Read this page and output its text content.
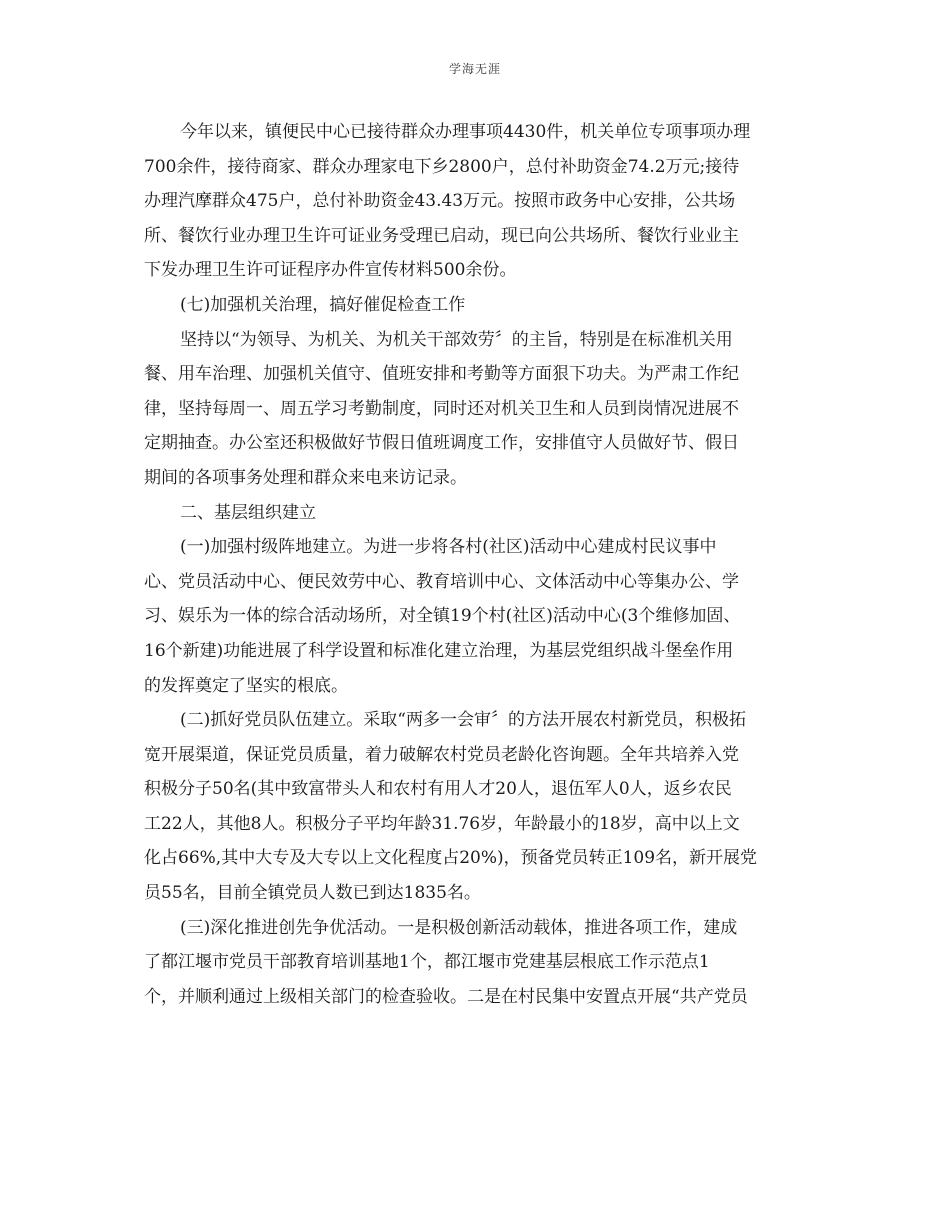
学海无涯

今年以来，镇便民中心已接待群众办理事项4430件，机关单位专项事项办理
700余件，接待商家、群众办理家电下乡2800户，总付补助资金74.2万元;接待
办理汽摩群众475户，总付补助资金43.43万元。按照市政务中心安排，公共场
所、餐饮行业办理卫生许可证业务受理已启动，现已向公共场所、餐饮行业业主
下发办理卫生许可证程序办件宣传材料500余份。

(七)加强机关治理，搞好催促检查工作

坚持以“为领导、为机关、为机关干部效劳〞的主旨，特别是在标准机关用
餐、用车治理、加强机关值守、值班安排和考勤等方面狠下功夫。为严肃工作纪
律，坚持每周一、周五学习考勤制度，同时还对机关卫生和人员到岗情况进展不
定期抽查。办公室还积极做好节假日值班调度工作，安排值守人员做好节、假日
期间的各项事务处理和群众来电来访记录。

二、基层组织建立

(一)加强村级阵地建立。为进一步将各村(社区)活动中心建成村民议事中
心、党员活动中心、便民效劳中心、教育培训中心、文体活动中心等集办公、学
习、娱乐为一体的综合活动场所，对全镇19个村(社区)活动中心(3个维修加固、
16个新建)功能进展了科学设置和标准化建立治理，为基层党组织战斗堡垒作用
的发挥奠定了坚实的根底。

(二)抓好党员队伍建立。采取“两多一会审〞的方法开展农村新党员，积极拓
宽开展渠道，保证党员质量，着力破解农村党员老龄化咨询题。全年共培养入党
积极分子50名(其中致富带头人和农村有用人才20人，退伍军人0人，返乡农民
工22人，其他8人。积极分子平均年龄31.76岁，年龄最小的18岁，高中以上文
化占66%,其中大专及大专以上文化程度占20%)，预备党员转正109名，新开展党
员55名，目前全镇党员人数已到达1835名。

(三)深化推进创先争优活动。一是积极创新活动载体，推进各项工作，建成
了都江堰市党员干部教育培训基地1个，都江堰市党建基层根底工作示范点1
个，并顺利通过上级相关部门的检查验收。二是在村民集中安置点开展“共产党员
